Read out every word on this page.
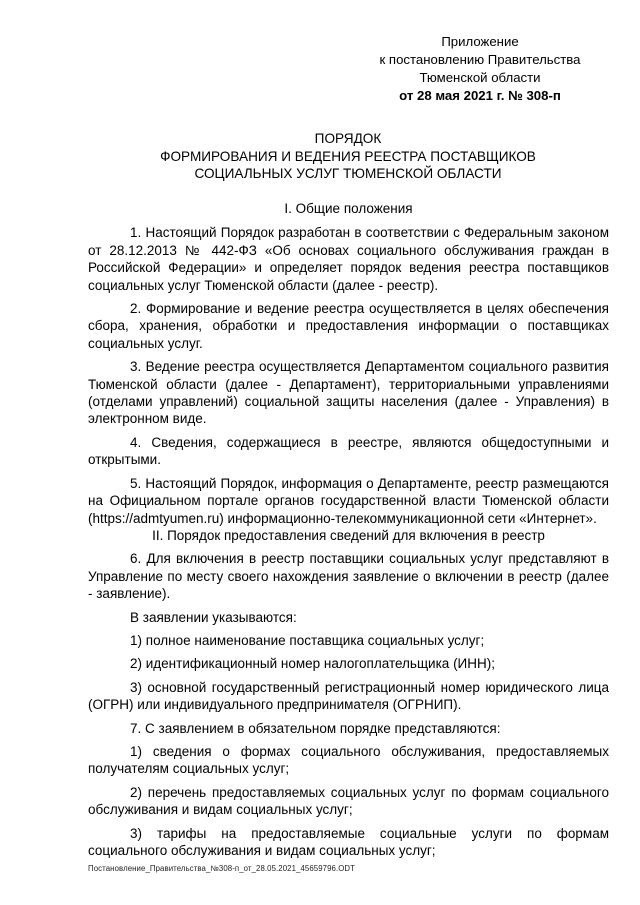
Приложение
к постановлению Правительства
Тюменской области
от 28 мая 2021 г. № 308-п
ПОРЯДОК
ФОРМИРОВАНИЯ И ВЕДЕНИЯ РЕЕСТРА ПОСТАВЩИКОВ
СОЦИАЛЬНЫХ УСЛУГ ТЮМЕНСКОЙ ОБЛАСТИ

I. Общие положения

1. Настоящий Порядок разработан в соответствии с Федеральным законом от 28.12.2013 № 442-ФЗ «Об основах социального обслуживания граждан в Российской Федерации» и определяет порядок ведения реестра поставщиков социальных услуг Тюменской области (далее - реестр).

2. Формирование и ведение реестра осуществляется в целях обеспечения сбора, хранения, обработки и предоставления информации о поставщиках социальных услуг.

3. Ведение реестра осуществляется Департаментом социального развития Тюменской области (далее - Департамент), территориальными управлениями (отделами управлений) социальной защиты населения (далее - Управления) в электронном виде.

4. Сведения, содержащиеся в реестре, являются общедоступными и открытыми.

5. Настоящий Порядок, информация о Департаменте, реестр размещаются на Официальном портале органов государственной власти Тюменской области (https://admtyumen.ru) информационно-телекоммуникационной сети «Интернет».

II. Порядок предоставления сведений для включения в реестр

6. Для включения в реестр поставщики социальных услуг представляют в Управление по месту своего нахождения заявление о включении в реестр (далее - заявление).

В заявлении указываются:

1) полное наименование поставщика социальных услуг;

2) идентификационный номер налогоплательщика (ИНН);

3) основной государственный регистрационный номер юридического лица (ОГРН) или индивидуального предпринимателя (ОГРНИП).

7. С заявлением в обязательном порядке представляются:

1) сведения о формах социального обслуживания, предоставляемых получателям социальных услуг;

2) перечень предоставляемых социальных услуг по формам социального обслуживания и видам социальных услуг;

3) тарифы на предоставляемые социальные услуги по формам социального обслуживания и видам социальных услуг;

Постановление_Правительства_№308-п_от_28.05.2021_45659796.ODT
